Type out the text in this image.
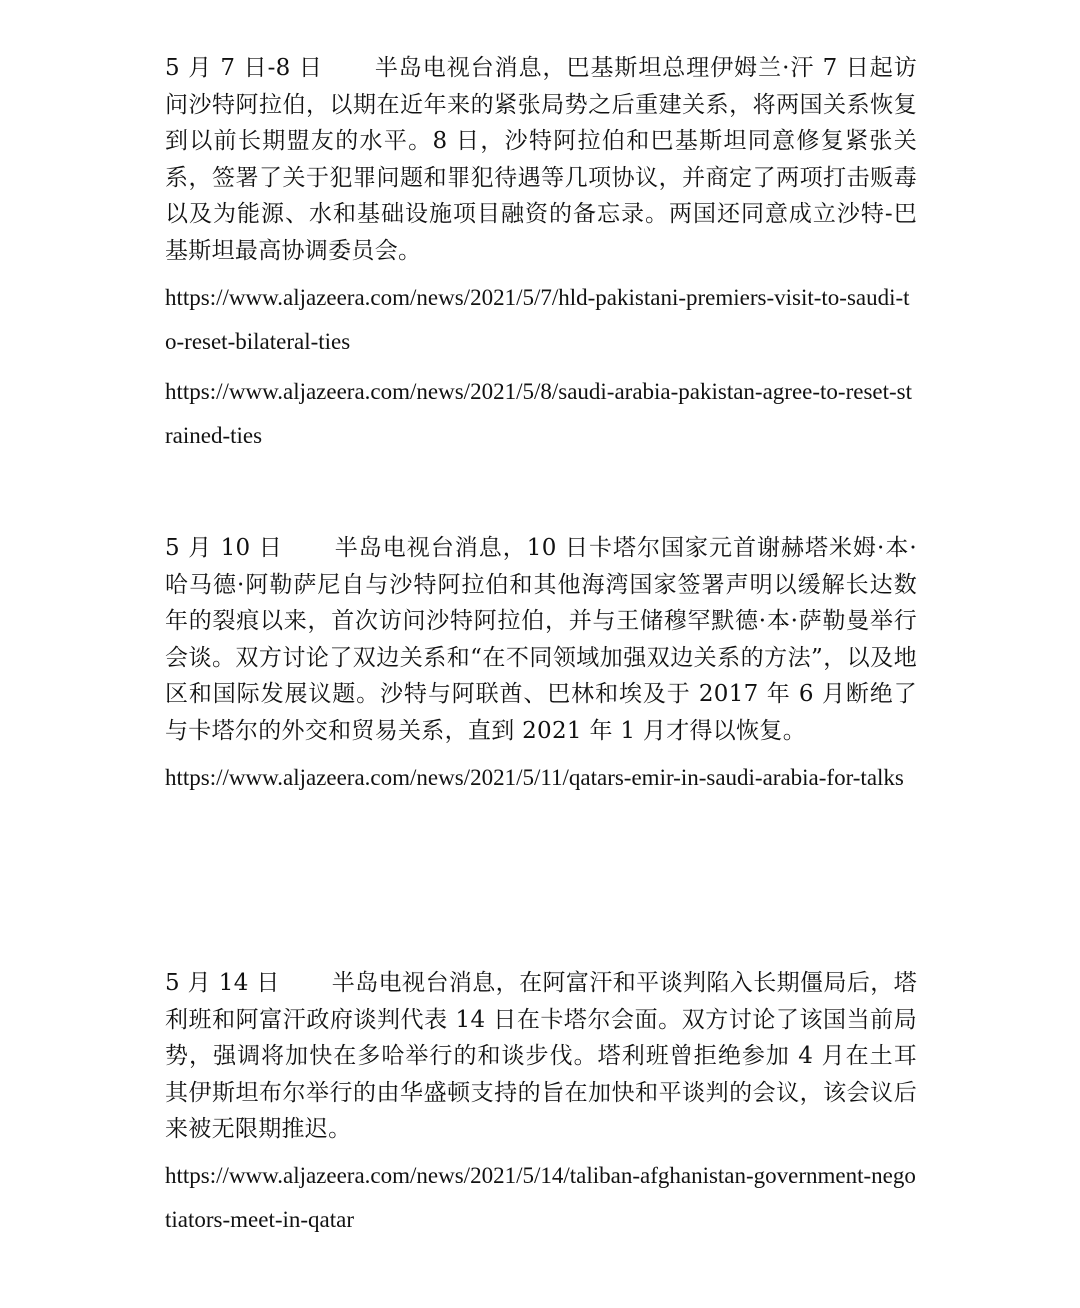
5 月 7 日-8 日 半岛电视台消息，巴基斯坦总理伊姆兰·汗 7 日起访问沙特阿拉伯，以期在近年来的紧张局势之后重建关系，将两国关系恢复到以前长期盟友的水平。8 日，沙特阿拉伯和巴基斯坦同意修复紧张关系，签署了关于犯罪问题和罪犯待遇等几项协议，并商定了两项打击贩毒以及为能源、水和基础设施项目融资的备忘录。两国还同意成立沙特-巴基斯坦最高协调委员会。

https://www.aljazeera.com/news/2021/5/7/hld-pakistani-premiers-visit-to-saudi-to-reset-bilateral-ties

https://www.aljazeera.com/news/2021/5/8/saudi-arabia-pakistan-agree-to-reset-strained-ties

5 月 10 日 半岛电视台消息，10 日卡塔尔国家元首谢赫塔米姆·本·哈马德·阿勒萨尼自与沙特阿拉伯和其他海湾国家签署声明以缓解长达数年的裂痕以来，首次访问沙特阿拉伯，并与王储穆罕默德·本·萨勒曼举行会谈。双方讨论了双边关系和“在不同领域加强双边关系的方法”，以及地区和国际发展议题。沙特与阿联酋、巴林和埃及于 2017 年 6 月断绝了与卡塔尔的外交和贸易关系，直到 2021 年 1 月才得以恢复。

https://www.aljazeera.com/news/2021/5/11/qatars-emir-in-saudi-arabia-for-talks

5 月 14 日 半岛电视台消息，在阿富汗和平谈判陷入长期僵局后，塔利班和阿富汗政府谈判代表 14 日在卡塔尔会面。双方讨论了该国当前局势，强调将加快在多哈举行的和谈步伐。塔利班曾拒绝参加 4 月在土耳其伊斯坦布尔举行的由华盛顿支持的旨在加快和平谈判的会议，该会议后来被无限期推迟。

https://www.aljazeera.com/news/2021/5/14/taliban-afghanistan-government-negotiators-meet-in-qatar
